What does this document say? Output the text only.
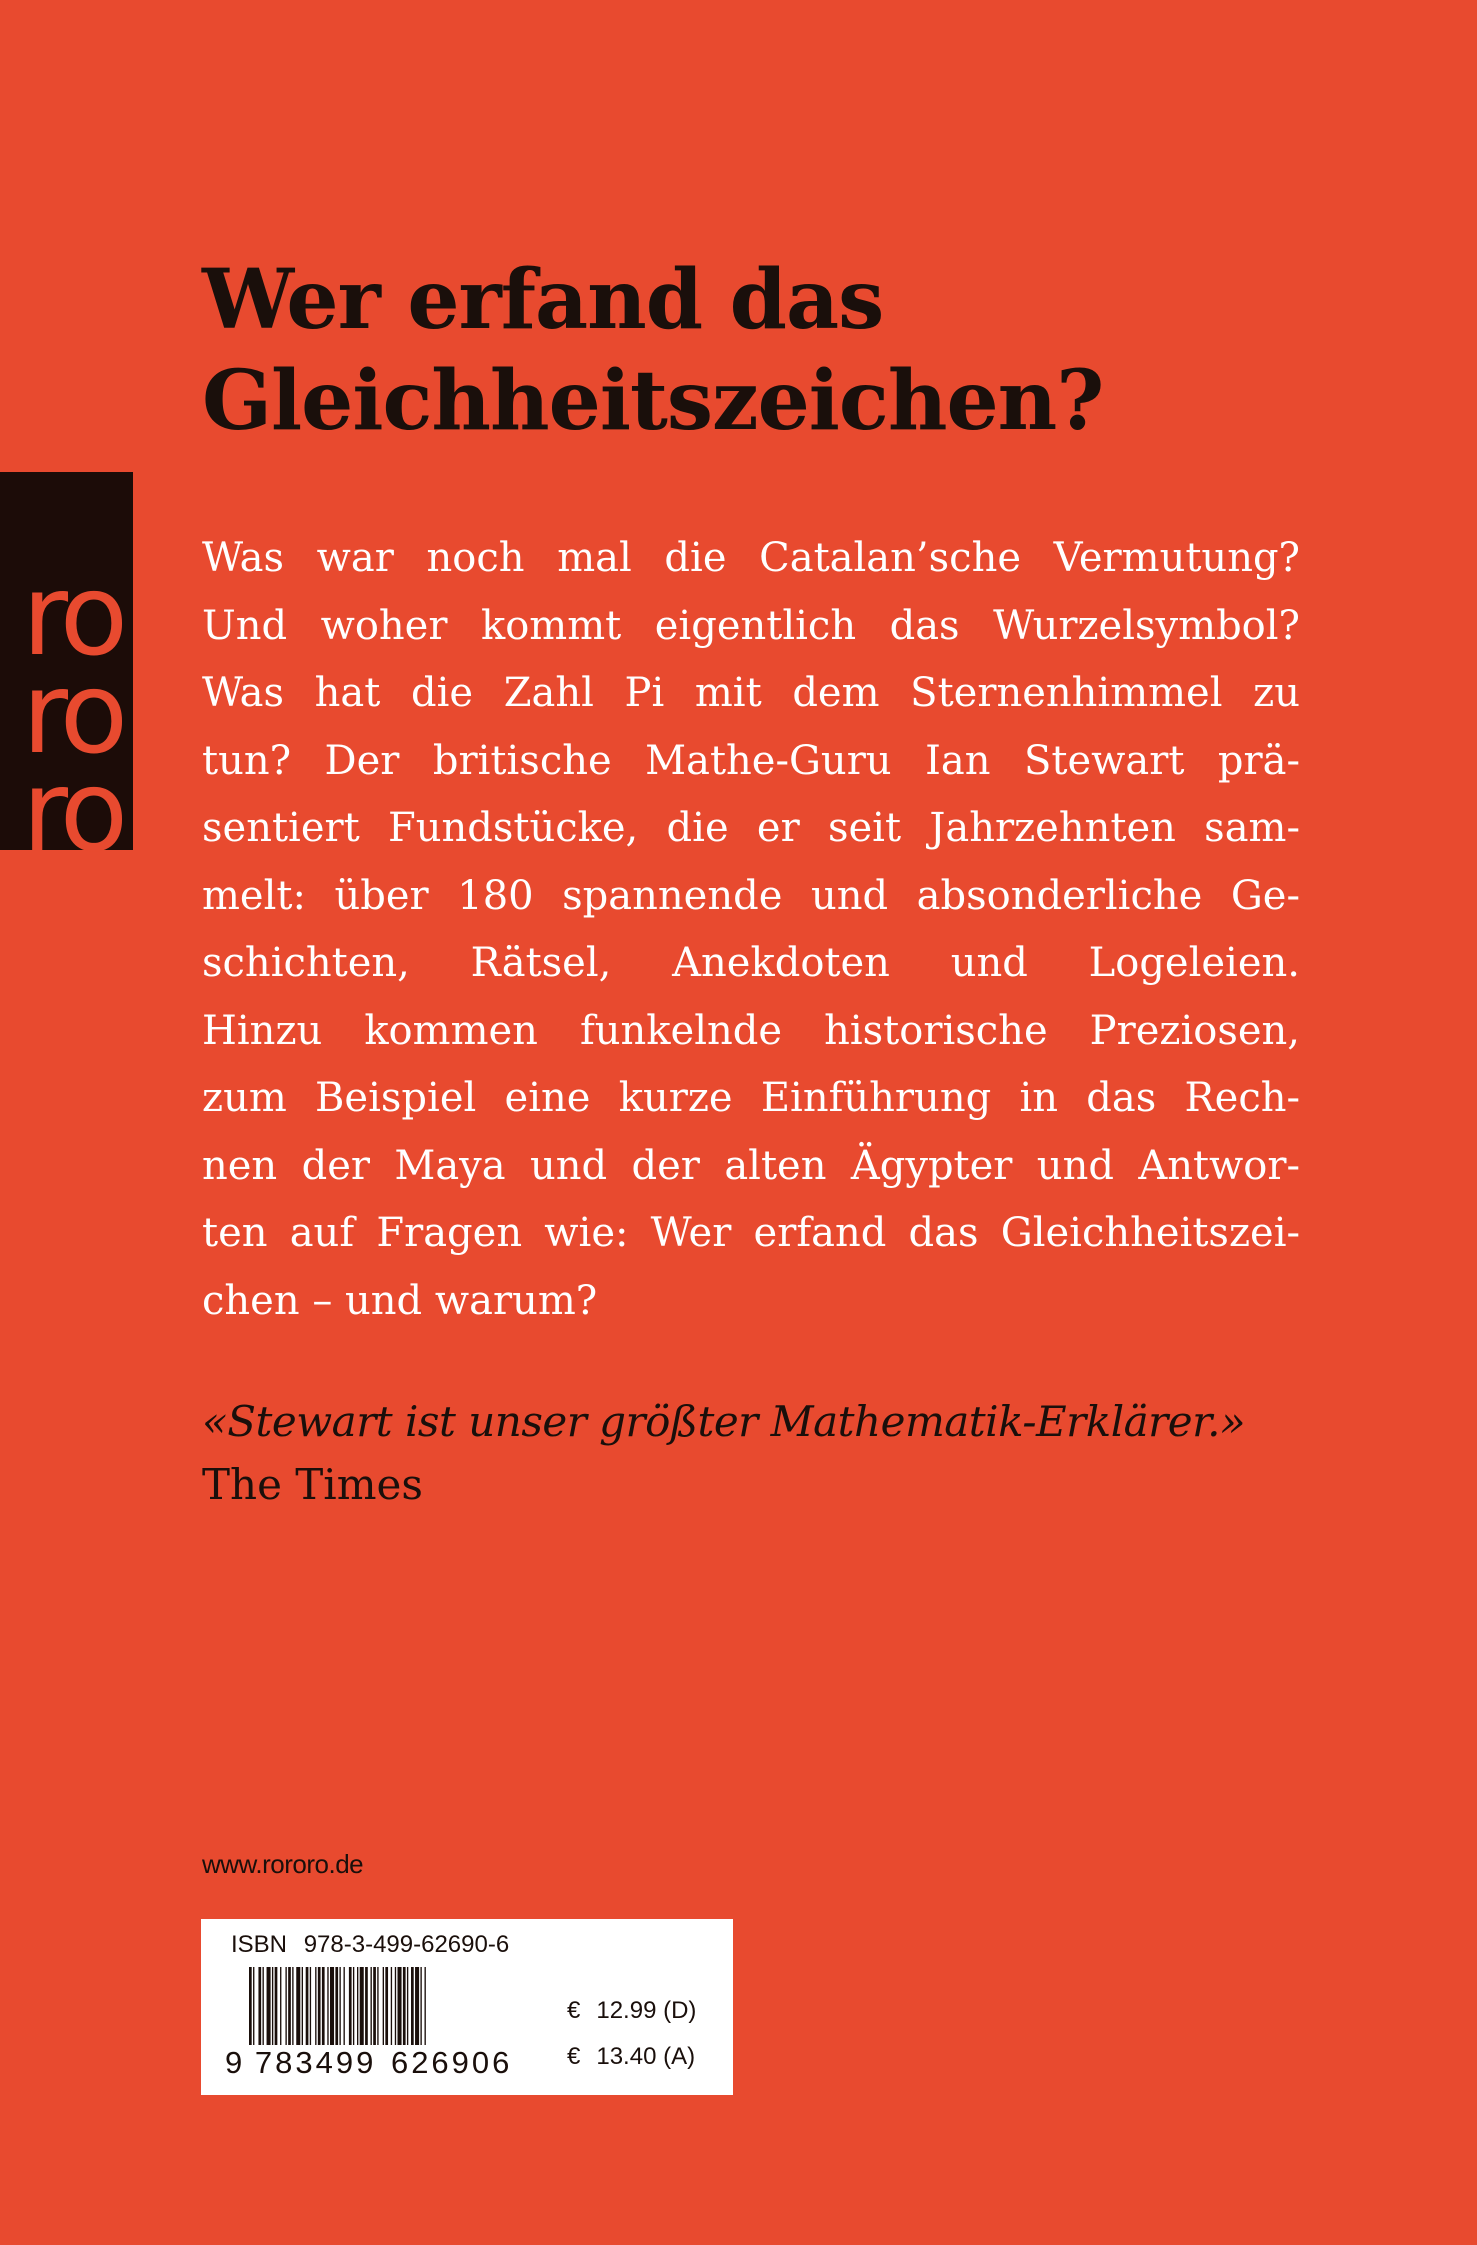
ro
ro
ro
Wer erfand das
Gleichheitszeichen?
Was war noch mal die Catalan’sche Vermutung?
Und woher kommt eigentlich das Wurzelsymbol?
Was hat die Zahl Pi mit dem Sternenhimmel zu
tun? Der britische Mathe-Guru Ian Stewart prä-
sentiert Fundstücke, die er seit Jahrzehnten sam-
melt: über 180 spannende und absonderliche Ge-
schichten, Rätsel, Anekdoten und Logeleien.
Hinzu kommen funkelnde historische Preziosen,
zum Beispiel eine kurze Einführung in das Rech-
nen der Maya und der alten Ägypter und Antwor-
ten auf Fragen wie: Wer erfand das Gleichheitszei-
chen – und warum?
«Stewart ist unser größter Mathematik-Erklärer.»
The Times
www.rororo.de
ISBN 978-3-499-62690-6
9 783499 626906
€ 12.99 (D)
€ 13.40 (A)
